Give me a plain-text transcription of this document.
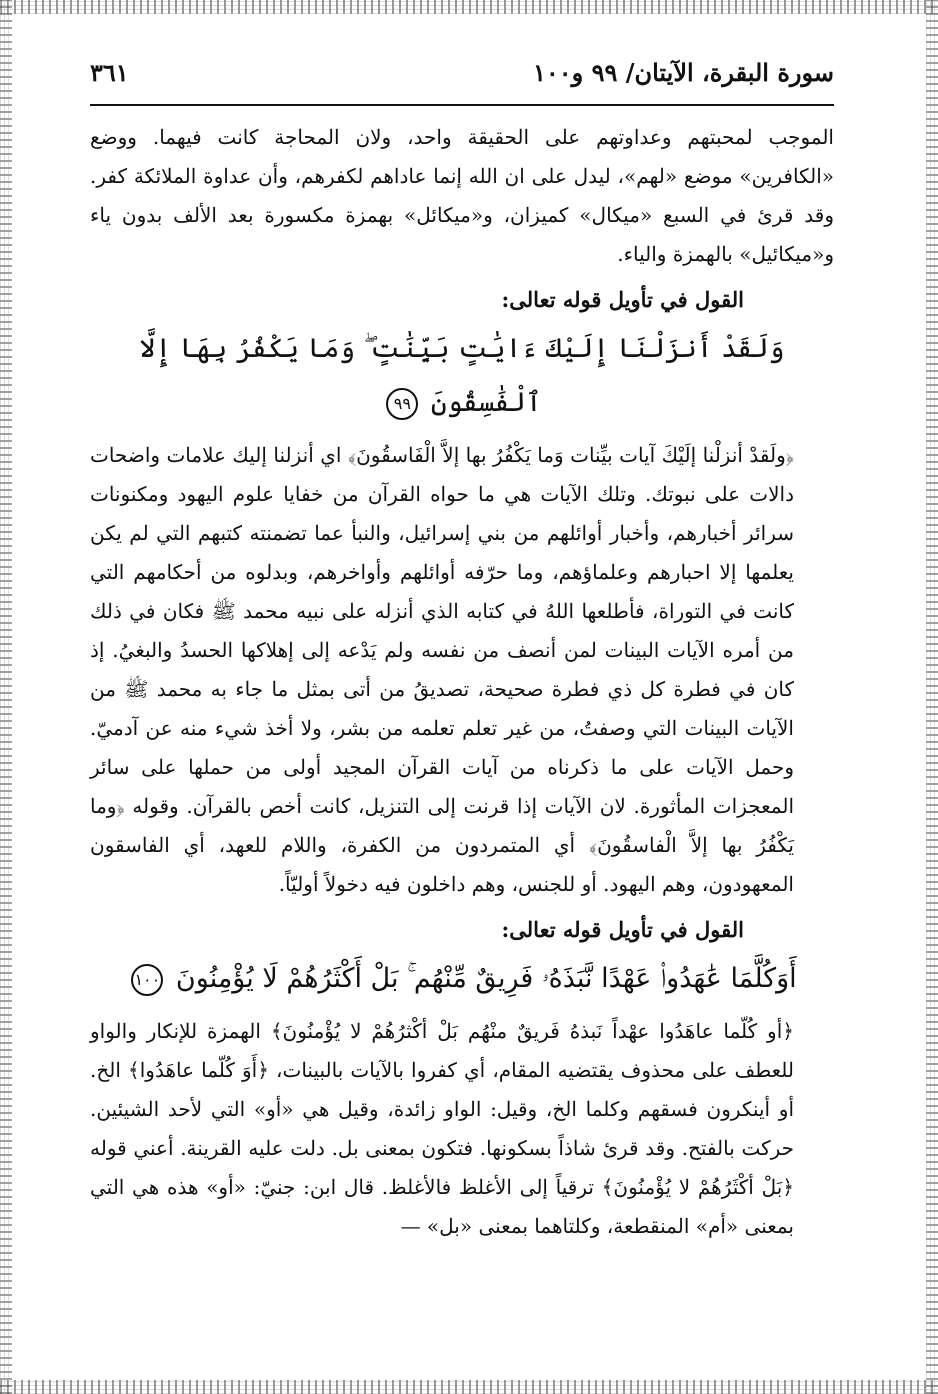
سورة البقرة، الآيتان/ ٩٩ و١٠٠
٣٦١

الموجب لمحبتهم وعداوتهم على الحقيقة واحد، ولان المحاجة كانت فيهما. ووضع «الكافرين» موضع «لهم»، ليدل على ان الله إنما عاداهم لكفرهم، وأن عداوة الملائكة كفر. وقد قرئ في السبع «ميكال» كميزان، و«ميكائل» بهمزة مكسورة بعد الألف بدون ياء و«ميكائيل» بالهمزة والياء.

القول في تأويل قوله تعالى:
وَلَقَدْ أَنزَلْنَا إِلَيْكَ ءَايَٰتٍ بَيِّنَٰتٍ ۖ وَمَا يَكْفُرُ بِهَا إِلَّا ٱلْفَٰسِقُونَ ٩٩

﴿ولَقدْ أنزلْنا إلَيْكَ آيات بيِّنات وَما يَكْفُرُ بها إلاَّ الْفَاسقُونَ﴾ اي أنزلنا إليك علامات واضحات دالات على نبوتك. وتلك الآيات هي ما حواه القرآن من خفايا علوم اليهود ومكنونات سرائر أخبارهم، وأخبار أوائلهم من بني إسرائيل، والنبأ عما تضمنته كتبهم التي لم يكن يعلمها إلا احبارهم وعلماؤهم، وما حرّفه أوائلهم وأواخرهم، وبدلوه من أحكامهم التي كانت في التوراة، فأطلعها اللهُ في كتابه الذي أنزله على نبيه محمد ﷺ فكان في ذلك من أمره الآيات البينات لمن أنصف من نفسه ولم يَدْعه إلى إهلاكها الحسدُ والبغيُ. إذ كان في فطرة كل ذي فطرة صحيحة، تصديقُ من أتى بمثل ما جاء به محمد ﷺ من الآيات البينات التي وصفتُ، من غير تعلم تعلمه من بشر، ولا أخذ شيء منه عن آدميّ. وحمل الآيات على ما ذكرناه من آيات القرآن المجيد أولى من حملها على سائر المعجزات المأثورة. لان الآيات إذا قرنت إلى التنزيل، كانت أخص بالقرآن. وقوله ﴿وما يَكْفُرُ بها إلاَّ الْفاسقُونَ﴾ أي المتمردون من الكفرة، واللام للعهد، أي الفاسقون المعهودون، وهم اليهود. أو للجنس، وهم داخلون فيه دخولاً أوليّاً.

القول في تأويل قوله تعالى:
أَوَكُلَّمَا عَٰهَدُوا۟ عَهْدًا نَّبَذَهُۥ فَرِيقٌ مِّنْهُم ۚ بَلْ أَكْثَرُهُمْ لَا يُؤْمِنُونَ ١٠٠

﴿أو كُلّما عاهَدُوا عهْداً نَبذهُ فَريقٌ منْهُم بَلْ أكْثرُهُمْ لا يُؤْمنُونَ﴾ الهمزة للإنكار والواو للعطف على محذوف يقتضيه المقام، أي كفروا بالآيات بالبينات، ﴿أَوَ كُلّما عاهَدُوا﴾ الخ. أو أينكرون فسقهم وكلما الخ، وقيل: الواو زائدة، وقيل هي «أو» التي لأحد الشيئين. حركت بالفتح. وقد قرئ شاذاً بسكونها. فتكون بمعنى بل. دلت عليه القرينة. أعني قوله ﴿بَلْ أكْثَرُهُمْ لا يُؤْمنُونَ﴾ ترقياً إلى الأغلظ فالأغلظ. قال ابن: جنيّ: «أو» هذه هي التي بمعنى «أم» المنقطعة، وكلتاهما بمعنى «بل» —
